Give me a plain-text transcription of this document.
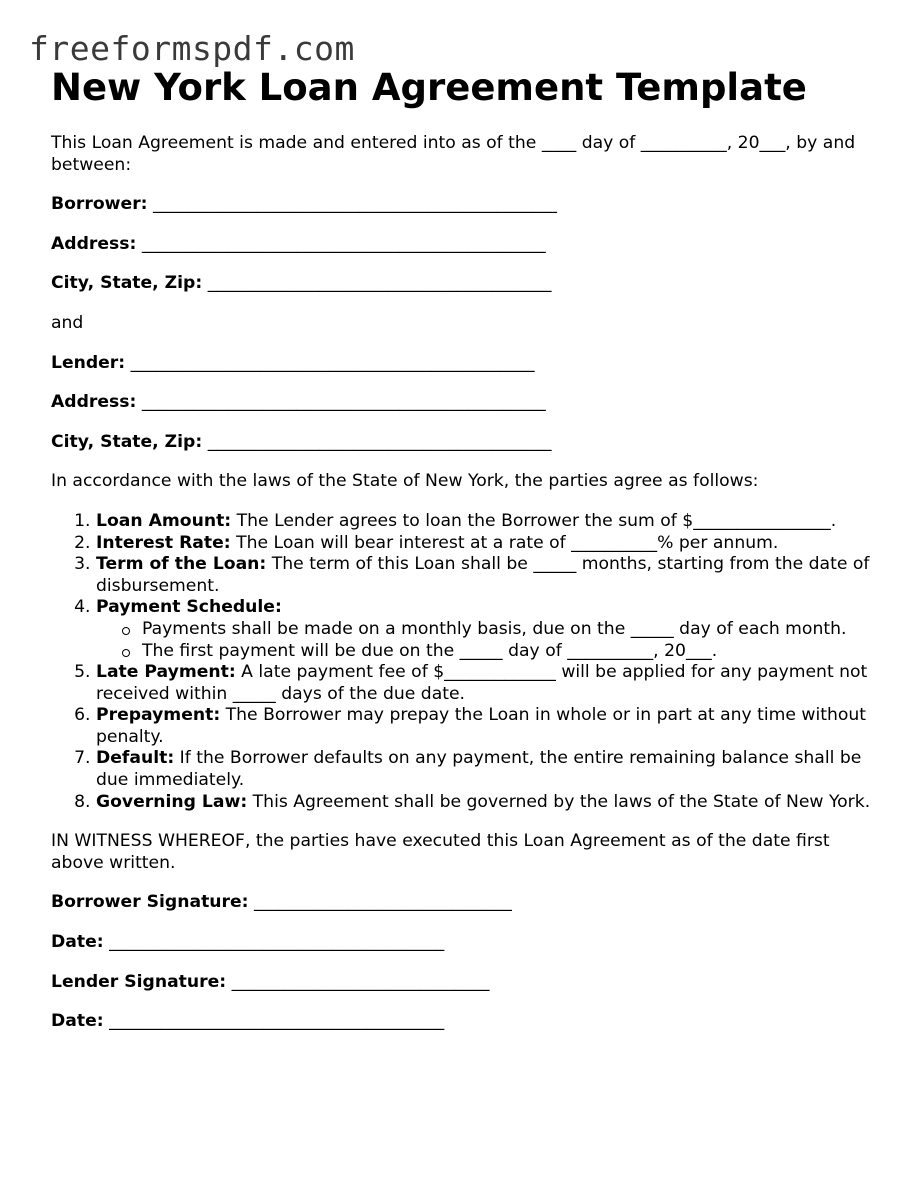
freeformspdf.com
New York Loan Agreement Template

This Loan Agreement is made and entered into as of the ____ day of __________, 20___, by and between:

Borrower: _______________________________________________

Address: _______________________________________________

City, State, Zip: ________________________________________

and

Lender: _______________________________________________

Address: _______________________________________________

City, State, Zip: ________________________________________

In accordance with the laws of the State of New York, the parties agree as follows:

1. Loan Amount: The Lender agrees to loan the Borrower the sum of $________________.
2. Interest Rate: The Loan will bear interest at a rate of __________% per annum.
3. Term of the Loan: The term of this Loan shall be _____ months, starting from the date of disbursement.
4. Payment Schedule:
Payments shall be made on a monthly basis, due on the _____ day of each month.
The first payment will be due on the _____ day of __________, 20___.
5. Late Payment: A late payment fee of $_____________ will be applied for any payment not received within _____ days of the due date.
6. Prepayment: The Borrower may prepay the Loan in whole or in part at any time without penalty.
7. Default: If the Borrower defaults on any payment, the entire remaining balance shall be due immediately.
8. Governing Law: This Agreement shall be governed by the laws of the State of New York.

IN WITNESS WHEREOF, the parties have executed this Loan Agreement as of the date first above written.

Borrower Signature: ______________________________

Date: _______________________________________

Lender Signature: ______________________________

Date: _______________________________________
